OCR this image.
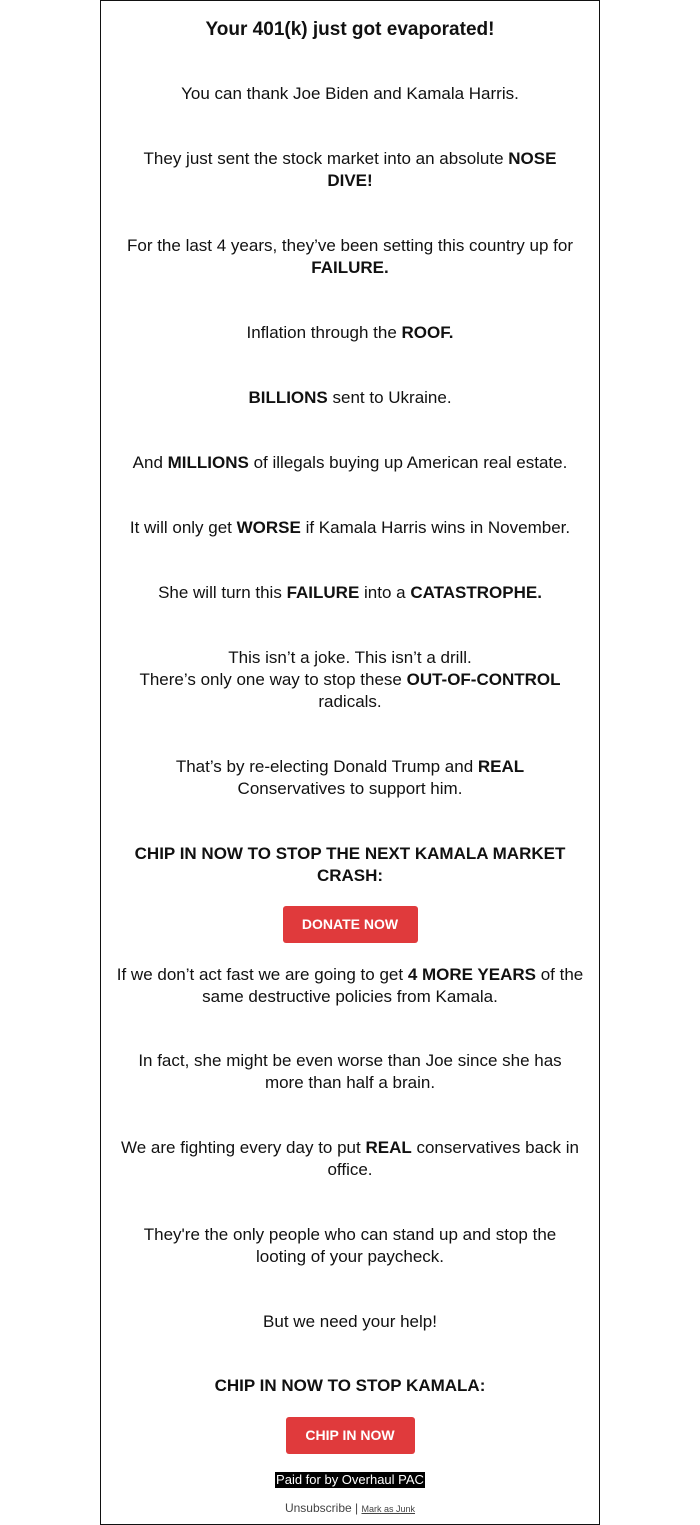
Your 401(k) just got evaporated!

You can thank Joe Biden and Kamala Harris.

They just sent the stock market into an absolute NOSE DIVE!

For the last 4 years, they’ve been setting this country up for FAILURE.

Inflation through the ROOF.

BILLIONS sent to Ukraine.

And MILLIONS of illegals buying up American real estate.

It will only get WORSE if Kamala Harris wins in November.

She will turn this FAILURE into a CATASTROPHE.

This isn’t a joke. This isn’t a drill.
There’s only one way to stop these OUT-OF-CONTROL radicals.

That’s by re-electing Donald Trump and REAL Conservatives to support him.

CHIP IN NOW TO STOP THE NEXT KAMALA MARKET CRASH:

DONATE NOW

If we don’t act fast we are going to get 4 MORE YEARS of the same destructive policies from Kamala.

In fact, she might be even worse than Joe since she has more than half a brain.

We are fighting every day to put REAL conservatives back in office.

They're the only people who can stand up and stop the looting of your paycheck.

But we need your help!

CHIP IN NOW TO STOP KAMALA:

CHIP IN NOW
Paid for by Overhaul PAC
Unsubscribe | Mark as Junk
